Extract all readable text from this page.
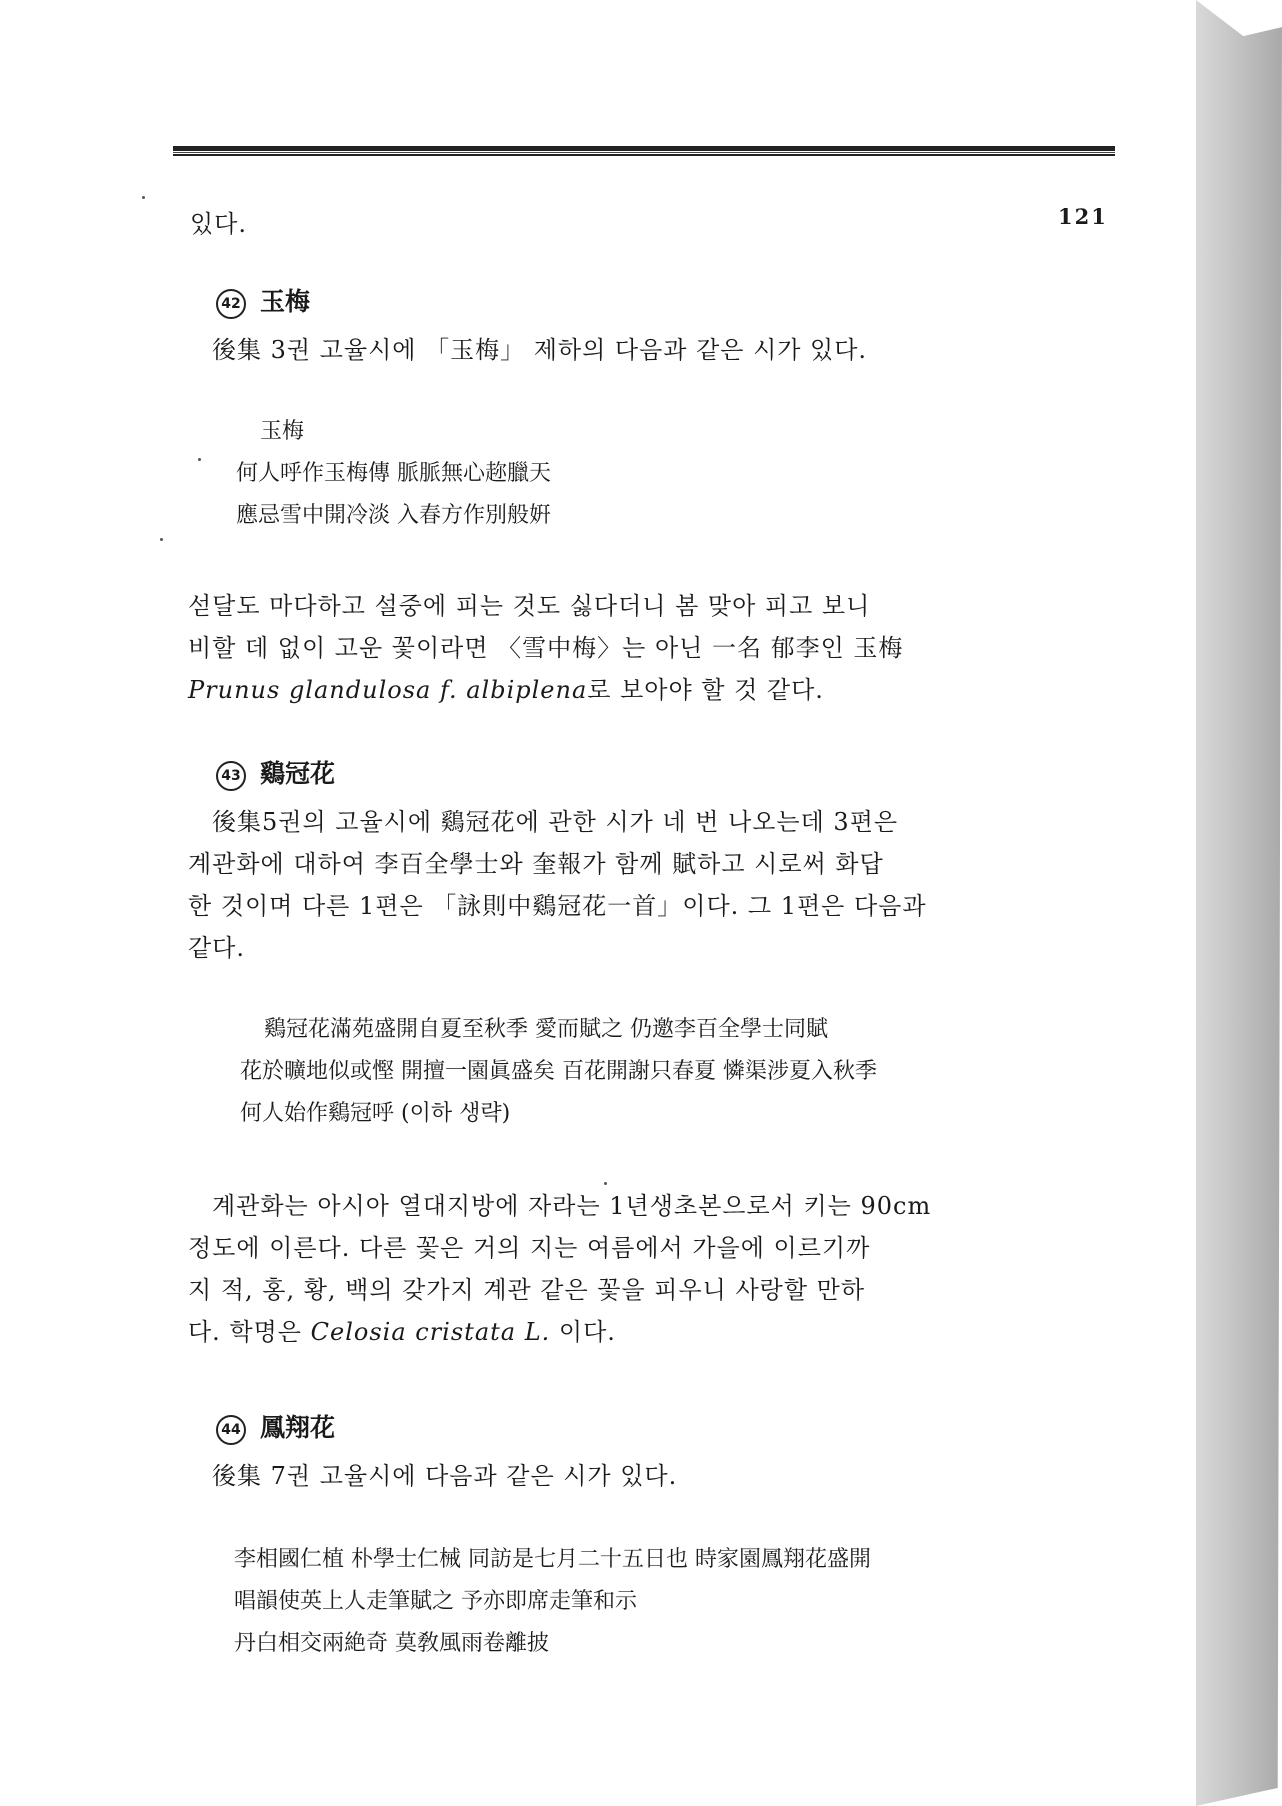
121
있다.
42 玉梅
後集 3권 고율시에 「玉梅」 제하의 다음과 같은 시가 있다.
玉梅
何人呼作玉梅傳 脈脈無心趂臘天
應忌雪中開冷淡 入春方作別般姸
섣달도 마다하고 설중에 피는 것도 싫다더니 봄 맞아 피고 보니
비할 데 없이 고운 꽃이라면 〈雪中梅〉는 아닌 一名 郁李인 玉梅
Prunus glandulosa f. albiplena로 보아야 할 것 같다.
43 鷄冠花
後集5권의 고율시에 鷄冠花에 관한 시가 네 번 나오는데 3편은
계관화에 대하여 李百全學士와 奎報가 함께 賦하고 시로써 화답
한 것이며 다른 1편은 「詠則中鷄冠花一首」이다. 그 1편은 다음과
같다.
鷄冠花滿苑盛開自夏至秋季 愛而賦之 仍邀李百全學士同賦
花於曠地似或慳 開擅一園眞盛矣 百花開謝只春夏 憐渠涉夏入秋季
何人始作鷄冠呼 (이하 생략)
계관화는 아시아 열대지방에 자라는 1년생초본으로서 키는 90cm
정도에 이른다. 다른 꽃은 거의 지는 여름에서 가을에 이르기까
지 적, 홍, 황, 백의 갖가지 계관 같은 꽃을 피우니 사랑할 만하
다. 학명은 Celosia cristata L. 이다.
44 鳳翔花
後集 7권 고율시에 다음과 같은 시가 있다.
李相國仁植 朴學士仁械 同訪是七月二十五日也 時家園鳳翔花盛開
唱韻使英上人走筆賦之 予亦即席走筆和示
丹白相交兩絶奇 莫敎風雨卷離披
